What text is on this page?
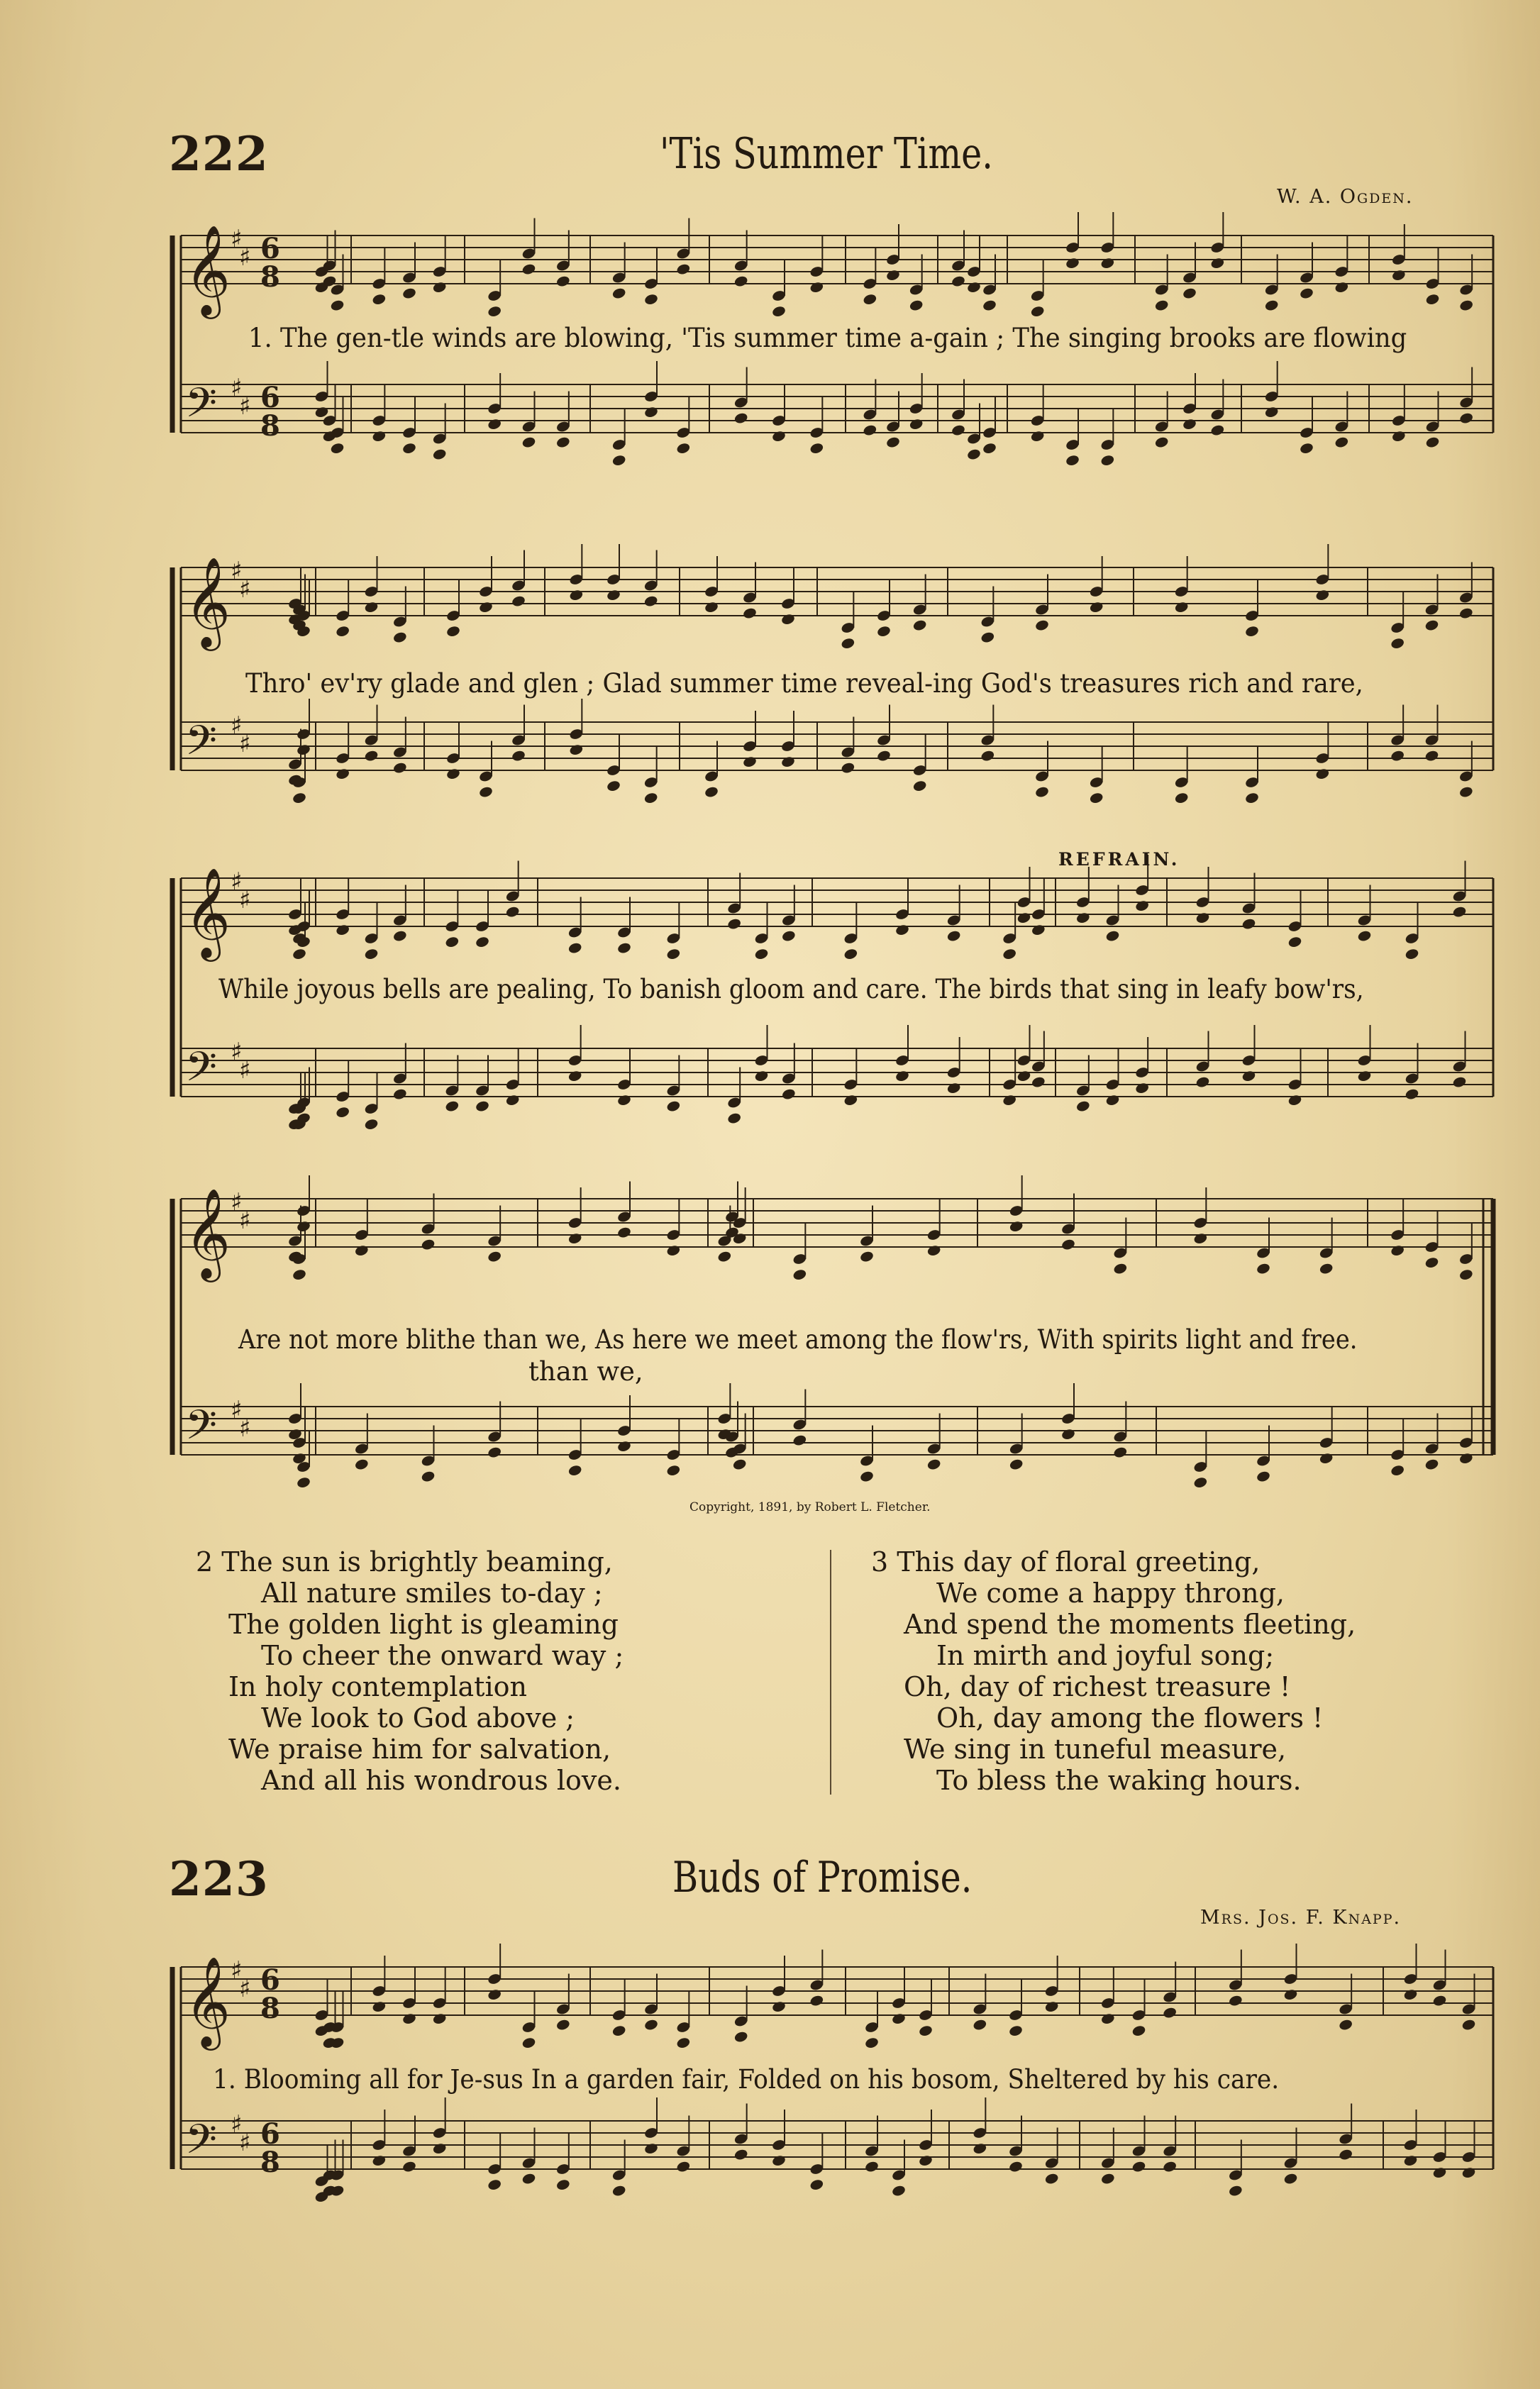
222	'Tis Summer Time.
W. A. Ogden.
𝄞 ♯
♯ 6
8
𝄢 ♯
♯ 6
8
𝄞 ♯
♯
𝄢 ♯
♯
𝄞 ♯
♯
𝄢 ♯
♯
𝄞 ♯
♯
𝄢 ♯
♯
𝄞 ♯
♯ 6
8
𝄢 ♯
♯ 6
8
1. The gen-tle winds are blowing, 'Tis summer time a-gain ; The singing brooks are flowing
Thro' ev'ry glade and glen ; Glad summer time reveal-ing God's treasures rich and rare,
While joyous bells are pealing, To banish gloom and care. The birds that sing in leafy bow'rs,
Are not more blithe than we, As here we meet among the flow'rs, With spirits light and free.
than we,
REFRAIN.
Copyright, 1891, by Robert L. Fletcher.
2 The sun is brightly beaming,
All nature smiles to-day ;
The golden light is gleaming
To cheer the onward way ;
In holy contemplation
We look to God above ;
We praise him for salvation,
And all his wondrous love.
3 This day of floral greeting,
We come a happy throng,
And spend the moments fleeting,
In mirth and joyful song;
Oh, day of richest treasure !
Oh, day among the flowers !
We sing in tuneful measure,
To bless the waking hours.
223	Buds of Promise.
Mrs. Jos. F. Knapp.
1. Blooming all for Je-sus In a garden fair, Folded on his bosom, Sheltered by his care.
